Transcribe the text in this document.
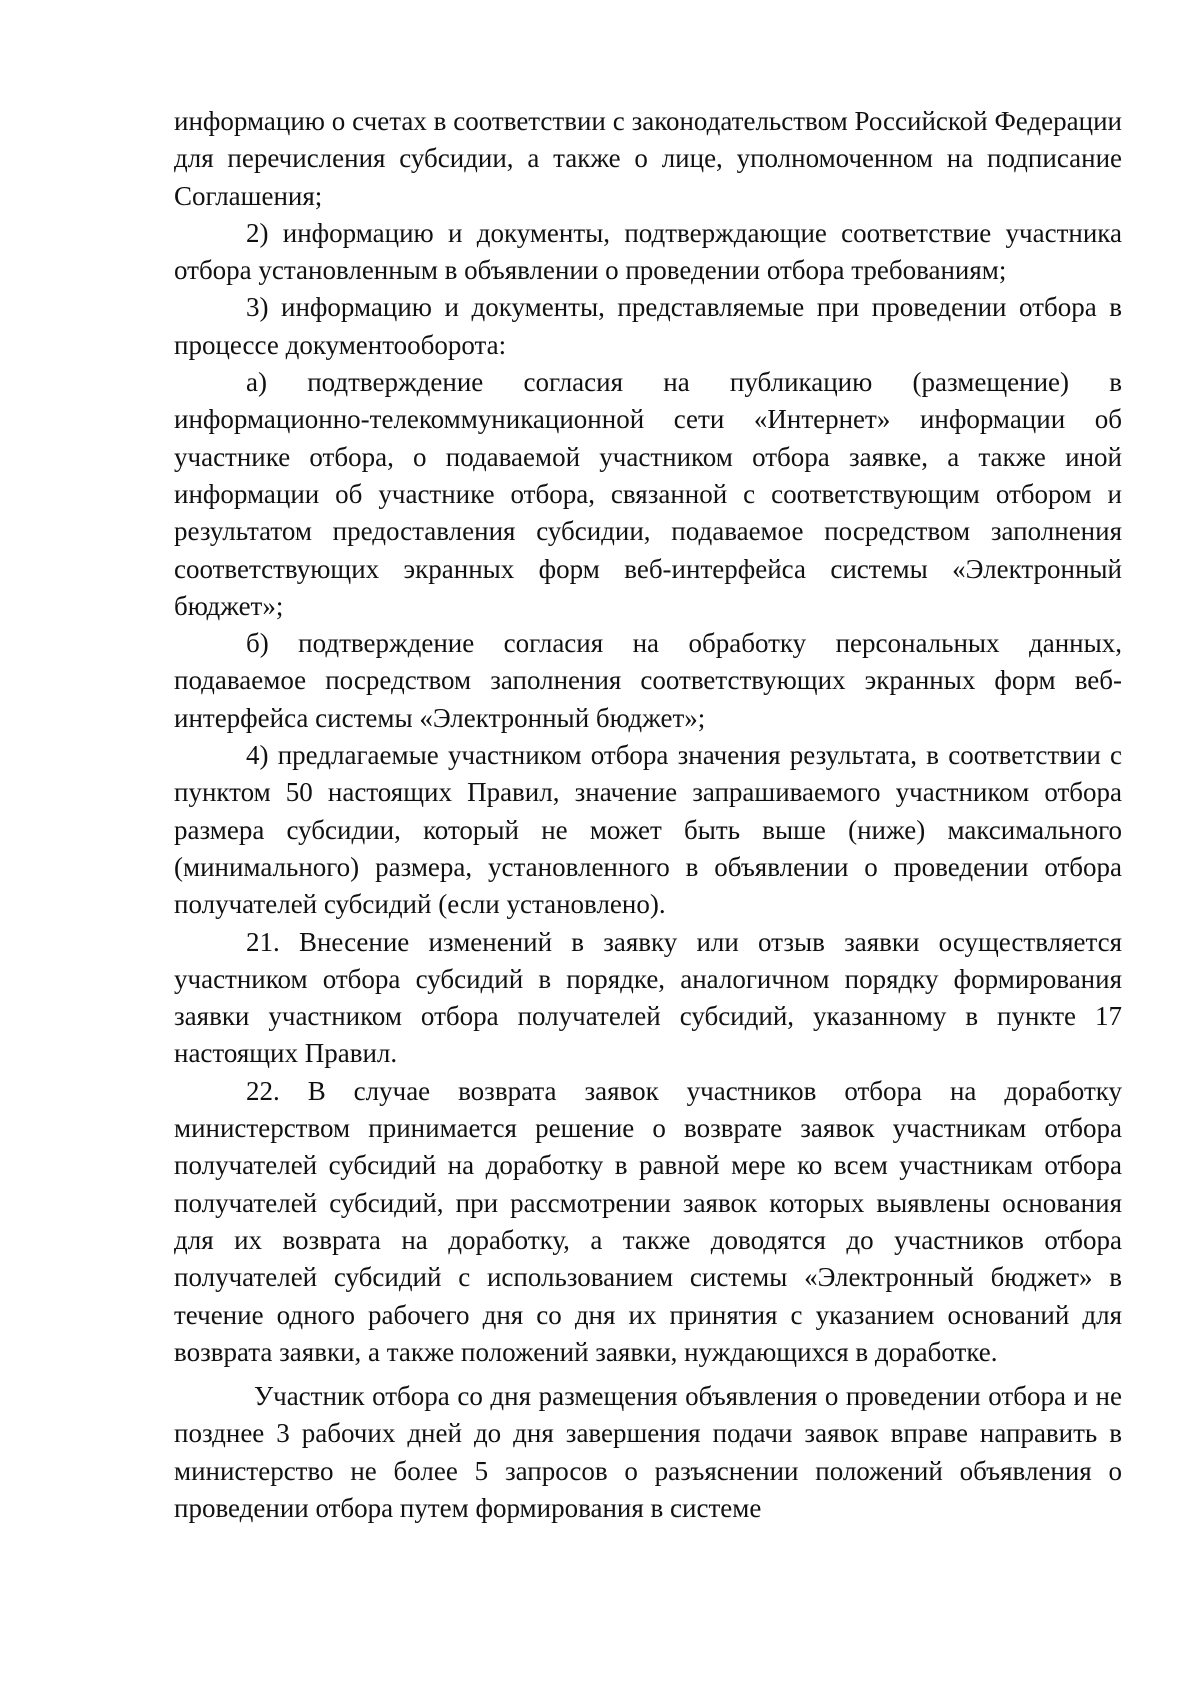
информацию о счетах в соответствии с законодательством Российской Федерации для перечисления субсидии, а также о лице, уполномоченном на подписание Соглашения;

2) информацию и документы, подтверждающие соответствие участника отбора установленным в объявлении о проведении отбора требованиям;

3) информацию и документы, представляемые при проведении отбора в процессе документооборота:

а) подтверждение согласия на публикацию (размещение) в информационно-телекоммуникационной сети «Интернет» информации об участнике отбора, о подаваемой участником отбора заявке, а также иной информации об участнике отбора, связанной с соответствующим отбором и результатом предоставления субсидии, подаваемое посредством заполнения соответствующих экранных форм веб-интерфейса системы «Электронный бюджет»;

б) подтверждение согласия на обработку персональных данных, подаваемое посредством заполнения соответствующих экранных форм веб-интерфейса системы «Электронный бюджет»;

4) предлагаемые участником отбора значения результата, в соответствии с пунктом 50 настоящих Правил, значение запрашиваемого участником отбора размера субсидии, который не может быть выше (ниже) максимального (минимального) размера, установленного в объявлении о проведении отбора получателей субсидий (если установлено).

21. Внесение изменений в заявку или отзыв заявки осуществляется участником отбора субсидий в порядке, аналогичном порядку формирования заявки участником отбора получателей субсидий, указанному в пункте 17 настоящих Правил.

22. В случае возврата заявок участников отбора на доработку министерством принимается решение о возврате заявок участникам отбора получателей субсидий на доработку в равной мере ко всем участникам отбора получателей субсидий, при рассмотрении заявок которых выявлены основания для их возврата на доработку, а также доводятся до участников отбора получателей субсидий с использованием системы «Электронный бюджет» в течение одного рабочего дня со дня их принятия с указанием оснований для возврата заявки, а также положений заявки, нуждающихся в доработке.

Участник отбора со дня размещения объявления о проведении отбора и не позднее 3 рабочих дней до дня завершения подачи заявок вправе направить в министерство не более 5 запросов о разъяснении положений объявления о проведении отбора путем формирования в системе
